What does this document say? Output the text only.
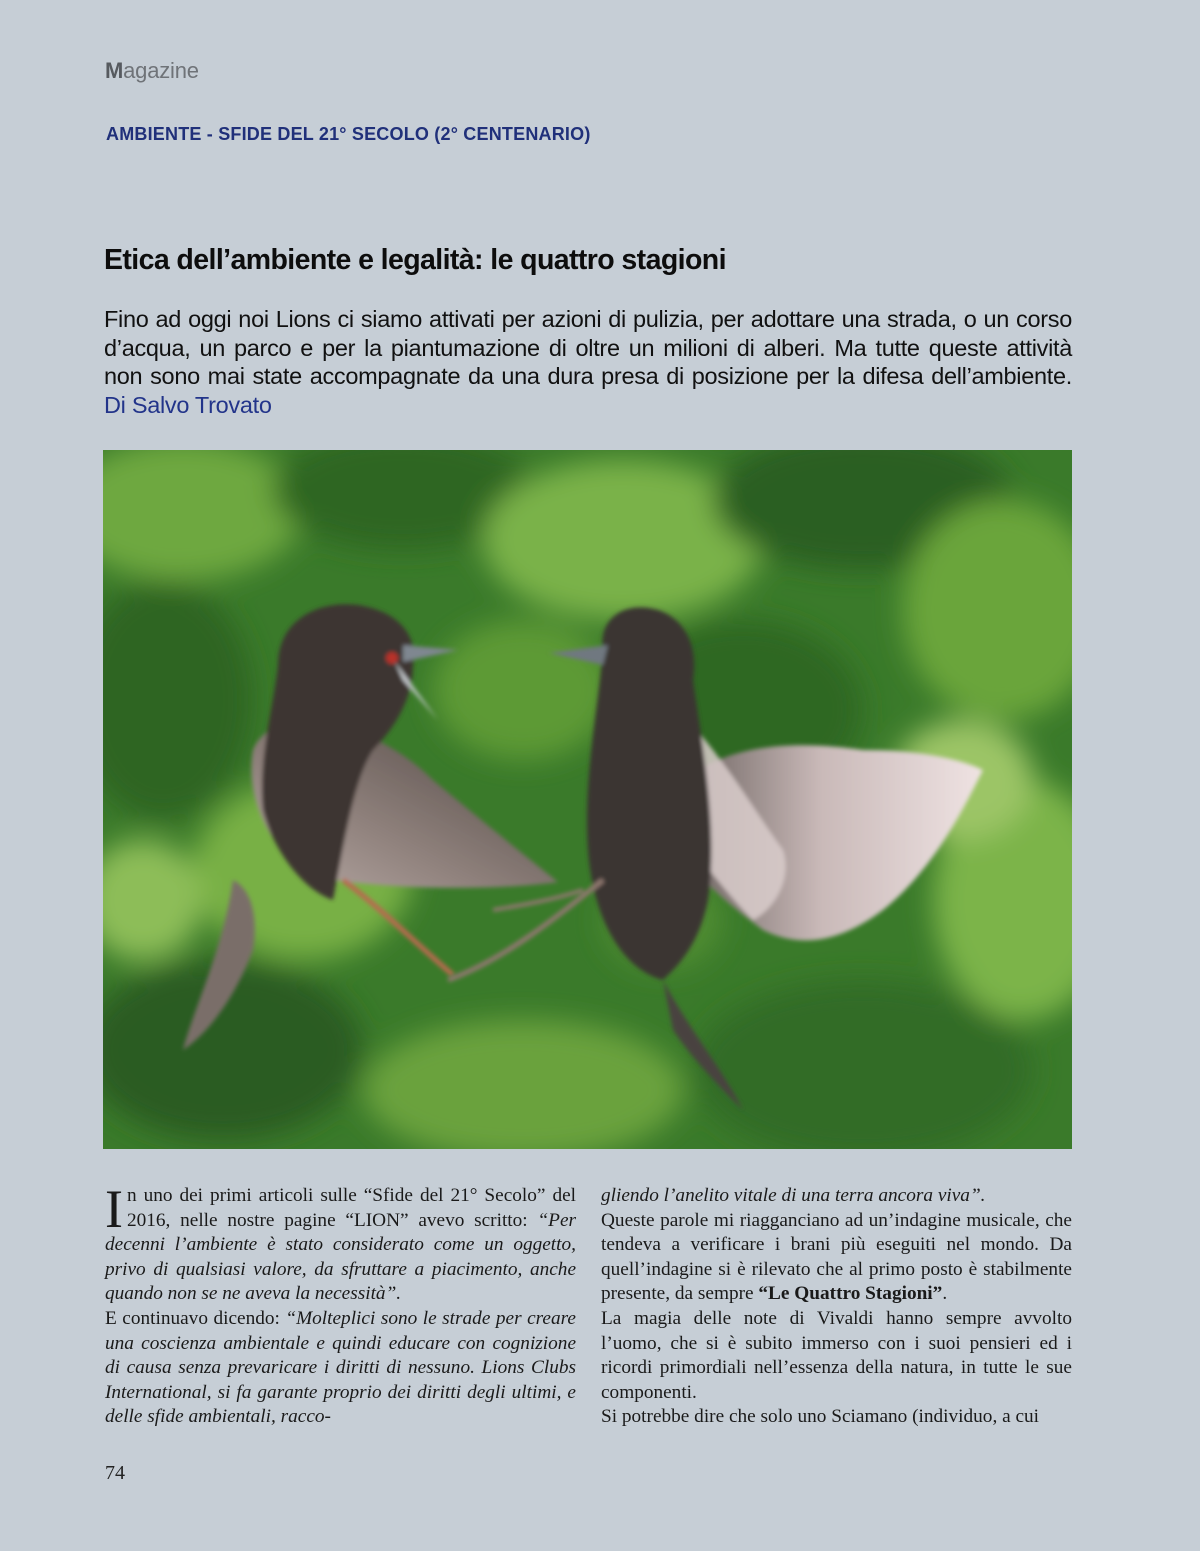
Magazine
AMBIENTE - SFIDE DEL 21° SECOLO (2° CENTENARIO)
Etica dell’ambiente e legalità: le quattro stagioni

Fino ad oggi noi Lions ci siamo attivati per azioni di pulizia, per adottare una strada, o un corso d’acqua, un parco e per la piantumazione di oltre un milioni di alberi. Ma tutte queste attività non sono mai state accompagnate da una dura presa di posizione per la difesa dell’ambiente. Di Salvo Trovato

In uno dei primi articoli sulle “Sfide del 21° Secolo” del 2016, nelle nostre pagine “LION” avevo scritto: “Per decenni l’ambiente è stato considerato come un oggetto, privo di qualsiasi valore, da sfruttare a piacimento, anche quando non se ne aveva la necessità”.

E continuavo dicendo: “Molteplici sono le strade per creare una coscienza ambientale e quindi educare con cognizione di causa senza prevaricare i diritti di nessuno. Lions Clubs International, si fa garante proprio dei diritti degli ultimi, e delle sfide ambientali, racco-

gliendo l’anelito vitale di una terra ancora viva”.

Queste parole mi riagganciano ad un’indagine musicale, che tendeva a verificare i brani più eseguiti nel mondo. Da quell’indagine si è rilevato che al primo posto è stabilmente presente, da sempre “Le Quattro Stagioni”.

La magia delle note di Vivaldi hanno sempre avvolto l’uomo, che si è subito immerso con i suoi pensieri ed i ricordi primordiali nell’essenza della natura, in tutte le sue componenti.

Si potrebbe dire che solo uno Sciamano (individuo, a cui

74
